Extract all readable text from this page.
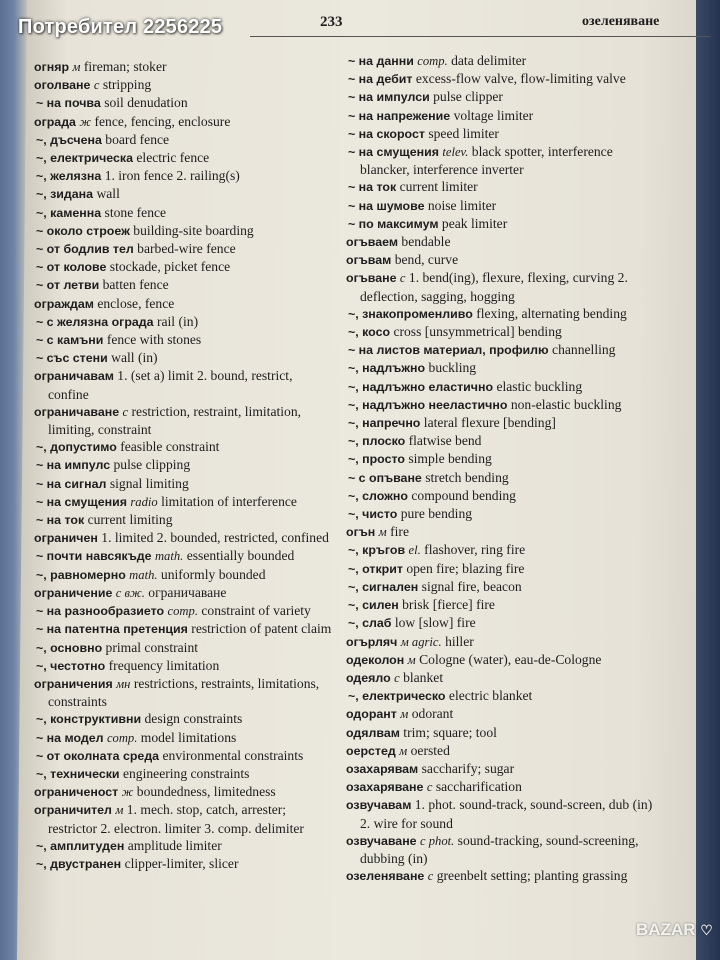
233	озеленяване

огняр м fireman; stoker

оголване с stripping

~ на почва soil denudation

ограда ж fence, fencing, enclosure

~, дъсчена board fence

~, електрическа electric fence

~, желязна 1. iron fence 2. railing(s)

~, зидана wall

~, каменна stone fence

~ около строеж building-site boarding

~ от бодлив тел barbed-wire fence

~ от колове stockade, picket fence

~ от летви batten fence

ограждам enclose, fence

~ с желязна ограда rail (in)

~ с камъни fence with stones

~ със стени wall (in)

ограничавам 1. (set a) limit 2. bound, restrict, confine

ограничаване с restriction, restraint, limitation, limiting, constraint

~, допустимо feasible constraint

~ на импулс pulse clipping

~ на сигнал signal limiting

~ на смущения radio limitation of interference

~ на ток current limiting

ограничен 1. limited 2. bounded, restricted, confined

~ почти навсякъде math. essentially bounded

~, равномерно math. uniformly bounded

ограничение с вж. ограничаване

~ на разнообразието comp. constraint of variety

~ на патентна претенция restriction of patent claim

~, основно primal constraint

~, честотно frequency limitation

ограничения мн restrictions, restraints, limitations, constraints

~, конструктивни design constraints

~ на модел comp. model limitations

~ от околната среда environmental constraints

~, технически engineering constraints

ограниченост ж boundedness, limitedness

ограничител м 1. mech. stop, catch, arrester; restrictor 2. electron. limiter 3. comp. delimiter

~, амплитуден amplitude limiter

~, двустранен clipper-limiter, slicer

~ на данни comp. data delimiter

~ на дебит excess-flow valve, flow-limiting valve

~ на импулси pulse clipper

~ на напрежение voltage limiter

~ на скорост speed limiter

~ на смущения telev. black spotter, interference blancker, interference inverter

~ на ток current limiter

~ на шумове noise limiter

~ по максимум peak limiter

огъваем bendable

огъвам bend, curve

огъване с 1. bend(ing), flexure, flexing, curving 2. deflection, sagging, hogging

~, знакопроменливо flexing, alternating bending

~, косо cross [unsymmetrical] bending

~ на листов материал, профилю channelling

~, надлъжно buckling

~, надлъжно еластично elastic buckling

~, надлъжно нееластично non-elastic buckling

~, напречно lateral flexure [bending]

~, плоско flatwise bend

~, просто simple bending

~ с опъване stretch bending

~, сложно compound bending

~, чисто pure bending

огън м fire

~, кръгов el. flashover, ring fire

~, открит open fire; blazing fire

~, сигнален signal fire, beacon

~, силен brisk [fierce] fire

~, слаб low [slow] fire

огърляч м agric. hiller

одеколон м Cologne (water), eau-de-Cologne

одеяло с blanket

~, електрическо electric blanket

одорант м odorant

одялвам trim; square; tool

оерстед м oersted

озахарявам saccharify; sugar

озахаряване с saccharification

озвучавам 1. phot. sound-track, sound-screen, dub (in) 2. wire for sound

озвучаване с phot. sound-tracking, sound-screening, dubbing (in)

озеленяване с greenbelt setting; planting grassing

Потребител 2256225
BAZAR ♡
